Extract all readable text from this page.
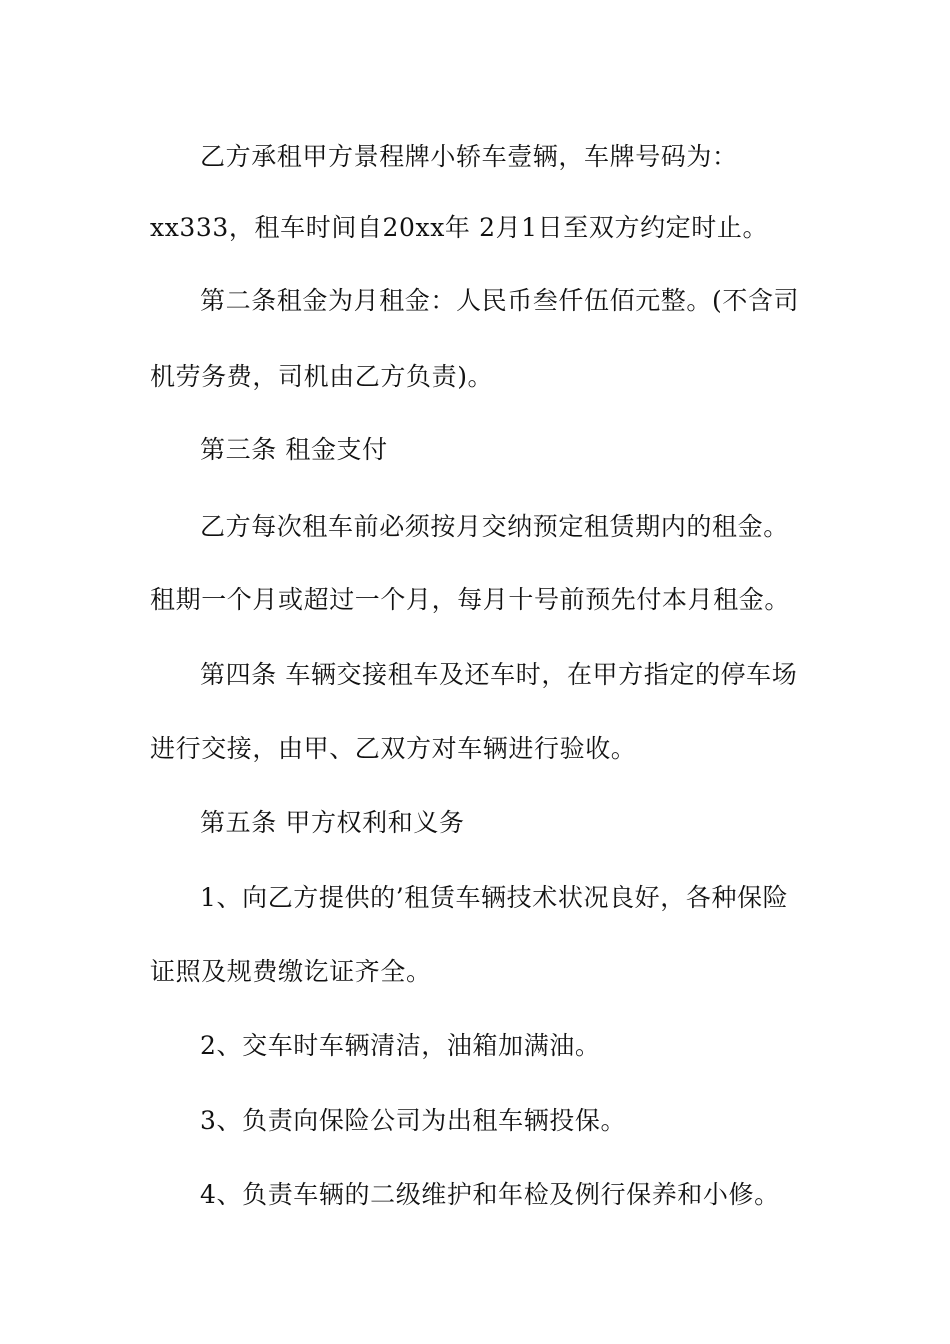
乙方承租甲方景程牌小轿车壹辆，车牌号码为：
xx333，租车时间自20xx年 2月1日至双方约定时止。
第二条租金为月租金：人民币叁仟伍佰元整。(不含司
机劳务费，司机由乙方负责)。
第三条 租金支付
乙方每次租车前必须按月交纳预定租赁期内的租金。
租期一个月或超过一个月，每月十号前预先付本月租金。
第四条 车辆交接租车及还车时，在甲方指定的停车场
进行交接，由甲、乙双方对车辆进行验收。
第五条 甲方权利和义务
1、向乙方提供的’租赁车辆技术状况良好，各种保险
证照及规费缴讫证齐全。
2、交车时车辆清洁，油箱加满油。
3、负责向保险公司为出租车辆投保。
4、负责车辆的二级维护和年检及例行保养和小修。
